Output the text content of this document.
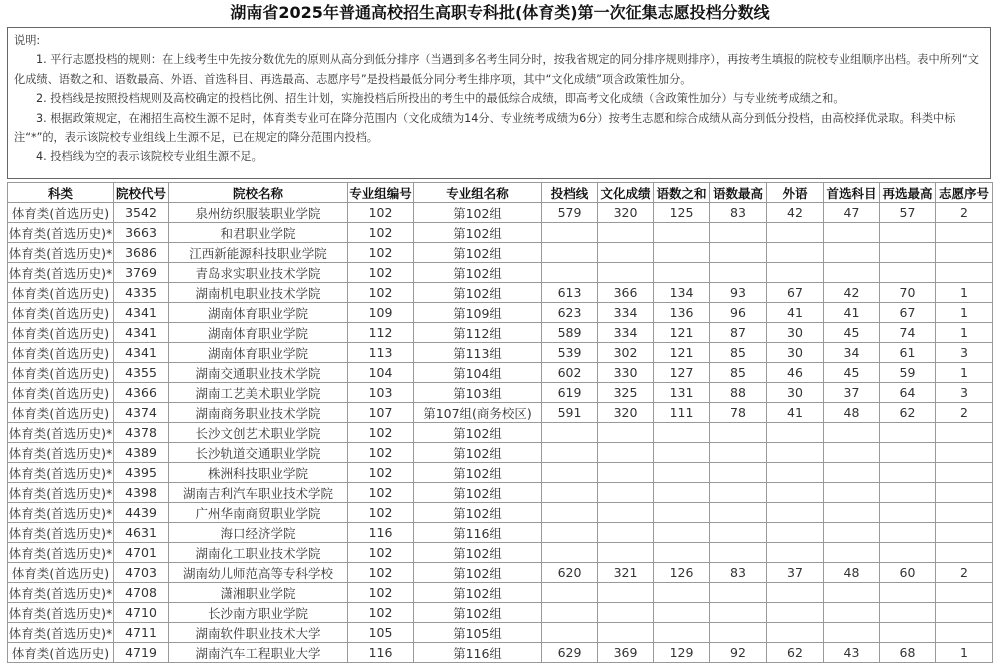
湖南省2025年普通高校招生高职专科批(体育类)第一次征集志愿投档分数线

说明:

1. 平行志愿投档的规则：在上线考生中先按分数优先的原则从高分到低分排序（当遇到多名考生同分时，按我省规定的同分排序规则排序），再按考生填报的院校专业组顺序出档。表中所列“文化成绩、语数之和、语数最高、外语、首选科目、再选最高、志愿序号”是投档最低分同分考生排序项，其中“文化成绩”项含政策性加分。

2. 投档线是按照投档规则及高校确定的投档比例、招生计划，实施投档后所投出的考生中的最低综合成绩，即高考文化成绩（含政策性加分）与专业统考成绩之和。

3. 根据政策规定，在湘招生高校生源不足时，体育类专业可在降分范围内（文化成绩为14分、专业统考成绩为6分）按考生志愿和综合成绩从高分到低分投档，由高校择优录取。科类中标注“*”的，表示该院校专业组线上生源不足，已在规定的降分范围内投档。

4. 投档线为空的表示该院校专业组生源不足。

科类	院校代号	院校名称	专业组编号	专业组名称	投档线	文化成绩	语数之和	语数最高	外语	首选科目	再选最高	志愿序号
体育类(首选历史)	3542	泉州纺织服装职业学院	102	第102组	579	320	125	83	42	47	57	2
体育类(首选历史)*	3663	和君职业学院	102	第102组								
体育类(首选历史)*	3686	江西新能源科技职业学院	102	第102组								
体育类(首选历史)*	3769	青岛求实职业技术学院	102	第102组								
体育类(首选历史)	4335	湖南机电职业技术学院	102	第102组	613	366	134	93	67	42	70	1
体育类(首选历史)	4341	湖南体育职业学院	109	第109组	623	334	136	96	41	41	67	1
体育类(首选历史)	4341	湖南体育职业学院	112	第112组	589	334	121	87	30	45	74	1
体育类(首选历史)	4341	湖南体育职业学院	113	第113组	539	302	121	85	30	34	61	3
体育类(首选历史)	4355	湖南交通职业技术学院	104	第104组	602	330	127	85	46	45	59	1
体育类(首选历史)	4366	湖南工艺美术职业学院	103	第103组	619	325	131	88	30	37	64	3
体育类(首选历史)	4374	湖南商务职业技术学院	107	第107组(商务校区)	591	320	111	78	41	48	62	2
体育类(首选历史)*	4378	长沙文创艺术职业学院	102	第102组								
体育类(首选历史)*	4389	长沙轨道交通职业学院	102	第102组								
体育类(首选历史)*	4395	株洲科技职业学院	102	第102组								
体育类(首选历史)*	4398	湖南吉利汽车职业技术学院	102	第102组								
体育类(首选历史)*	4439	广州华南商贸职业学院	102	第102组								
体育类(首选历史)*	4631	海口经济学院	116	第116组								
体育类(首选历史)*	4701	湖南化工职业技术学院	102	第102组								
体育类(首选历史)	4703	湖南幼儿师范高等专科学校	102	第102组	620	321	126	83	37	48	60	2
体育类(首选历史)*	4708	潇湘职业学院	102	第102组								
体育类(首选历史)*	4710	长沙南方职业学院	102	第102组								
体育类(首选历史)*	4711	湖南软件职业技术大学	105	第105组								
体育类(首选历史)	4719	湖南汽车工程职业大学	116	第116组	629	369	129	92	62	43	68	1
